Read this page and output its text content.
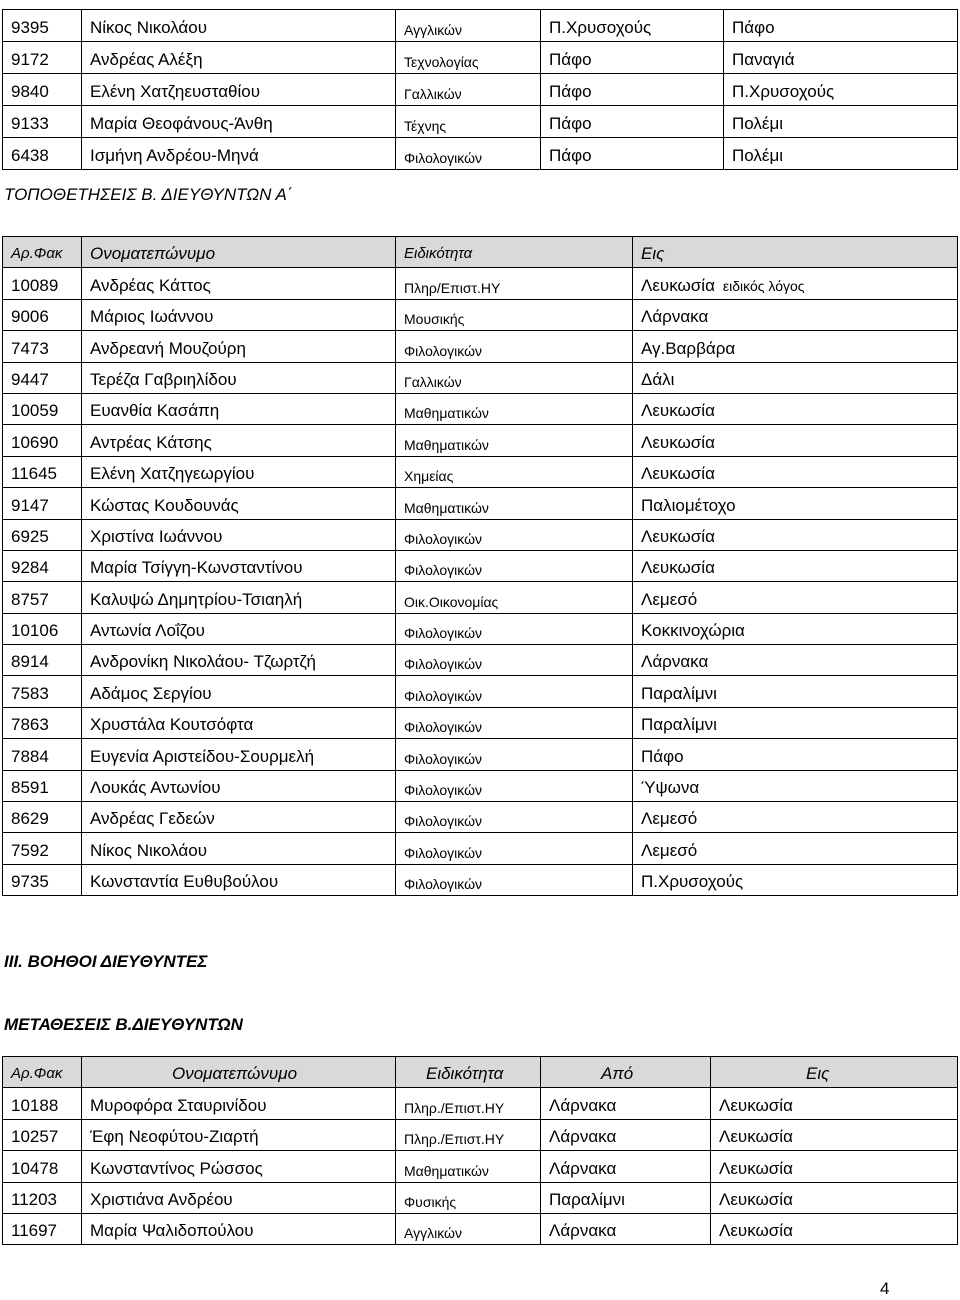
9395	Νίκος Νικολάου	Αγγλικών	Π.Χρυσοχούς	Πάφο
9172	Ανδρέας Αλέξη	Τεχνολογίας	Πάφο	Παναγιά
9840	Ελένη Χατζηευσταθίου	Γαλλικών	Πάφο	Π.Χρυσοχούς
9133	Μαρία Θεοφάνους-Άνθη	Τέχνης	Πάφο	Πολέμι
6438	Ισμήνη Ανδρέου-Μηνά	Φιλολογικών	Πάφο	Πολέμι
ΤΟΠΟΘΕΤΗΣΕΙΣ Β. ΔΙΕΥΘΥΝΤΩΝ Α΄
Αρ.Φακ	Ονοματεπώνυμο	Ειδικότητα	Εις
10089	Ανδρέας Κάττος	Πληρ/Επιστ.ΗΥ	Λευκωσία ειδικός λόγος
9006	Μάριος Ιωάννου	Μουσικής	Λάρνακα
7473	Ανδρεανή Μουζούρη	Φιλολογικών	Αγ.Βαρβάρα
9447	Τερέζα Γαβριηλίδου	Γαλλικών	Δάλι
10059	Ευανθία Κασάπη	Μαθηματικών	Λευκωσία
10690	Αντρέας Κάτσης	Μαθηματικών	Λευκωσία
11645	Ελένη Χατζηγεωργίου	Χημείας	Λευκωσία
9147	Κώστας Κουδουνάς	Μαθηματικών	Παλιομέτοχο
6925	Χριστίνα Ιωάννου	Φιλολογικών	Λευκωσία
9284	Μαρία Τσίγγη-Κωνσταντίνου	Φιλολογικών	Λευκωσία
8757	Καλυψώ Δημητρίου-Τσιαηλή	Οικ.Οικονομίας	Λεμεσό
10106	Αντωνία Λοΐζου	Φιλολογικών	Κοκκινοχώρια
8914	Ανδρονίκη Νικολάου- Τζωρτζή	Φιλολογικών	Λάρνακα
7583	Αδάμος Σεργίου	Φιλολογικών	Παραλίμνι
7863	Χρυστάλα Κουτσόφτα	Φιλολογικών	Παραλίμνι
7884	Ευγενία Αριστείδου-Σουρμελή	Φιλολογικών	Πάφο
8591	Λουκάς Αντωνίου	Φιλολογικών	Ύψωνα
8629	Ανδρέας Γεδεών	Φιλολογικών	Λεμεσό
7592	Νίκος Νικολάου	Φιλολογικών	Λεμεσό
9735	Κωνσταντία Ευθυβούλου	Φιλολογικών	Π.Χρυσοχούς
ΙΙΙ. ΒΟΗΘΟΙ ΔΙΕΥΘΥΝΤΕΣ
ΜΕΤΑΘΕΣΕΙΣ Β.ΔΙΕΥΘΥΝΤΩΝ
Αρ.Φακ	Ονοματεπώνυμο	Ειδικότητα	Από	Εις
10188	Μυροφόρα Σταυρινίδου	Πληρ./Επιστ.ΗΥ	Λάρνακα	Λευκωσία
10257	Έφη Νεοφύτου-Ζιαρτή	Πληρ./Επιστ.ΗΥ	Λάρνακα	Λευκωσία
10478	Κωνσταντίνος Ρώσσος	Μαθηματικών	Λάρνακα	Λευκωσία
11203	Χριστιάνα Ανδρέου	Φυσικής	Παραλίμνι	Λευκωσία
11697	Μαρία Ψαλιδοπούλου	Αγγλικών	Λάρνακα	Λευκωσία
4
